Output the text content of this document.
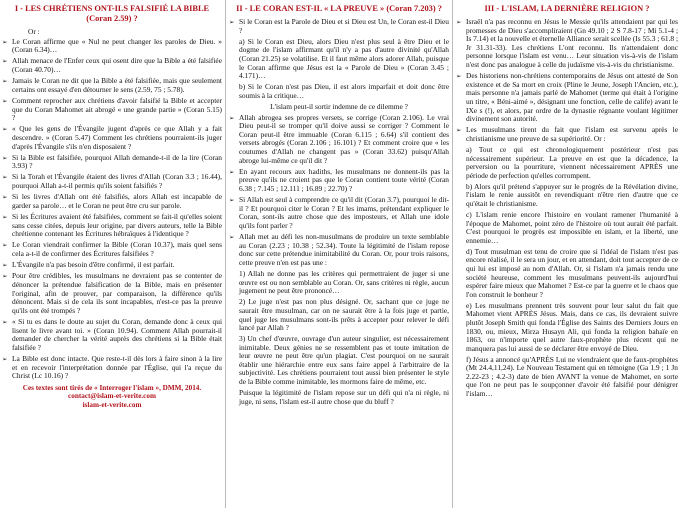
I - LES CHRÉTIENS ONT-ILS FALSIFIÉ LA BIBLE (Coran 2.59) ?
Or :
➢ Le Coran affirme que « Nul ne peut changer les paroles de Dieu. » (Coran 6.34)…
➢ Allah menace de l'Enfer ceux qui osent dire que la Bible a été falsifiée (Coran 40.70)…
➢ Jamais le Coran ne dit que la Bible a été falsifiée, mais que seulement certains ont essayé d'en détourner le sens (2.59, 75 ; 5.78).
➢ Comment reprocher aux chrétiens d'avoir falsifié la Bible et accepter que du Coran Mahomet ait abrogé « une grande partie » (Coran 5.15) ?
➢ « Que les gens de l'Évangile jugent d'après ce que Allah y a fait descendre. » (Coran 5.47) Comment les chrétiens pourraient-ils juger d'après l'Évangile s'ils n'en disposaient ?
➢ Si la Bible est falsifiée, pourquoi Allah demande-t-il de la lire (Coran 3.93) ?
➢ Si la Torah et l'Évangile étaient des livres d'Allah (Coran 3.3 ; 16.44), pourquoi Allah a-t-il permis qu'ils soient falsifiés ?
➢ Si les livres d'Allah ont été falsifiés, alors Allah est incapable de garder sa parole… et le Coran ne peut être cru sur parole.
➢ Si les Écritures avaient été falsifiées, comment se fait-il qu'elles soient sans cesse citées, depuis leur origine, par divers auteurs, telle la Bible chrétienne contenant les Écritures hébraïques à l'identique ?
➢ Le Coran viendrait confirmer la Bible (Coran 10.37), mais quel sens cela a-t-il de confirmer des Écritures falsifiées ?
➢ L'Évangile n'a pas besoin d'être confirmé, il est parfait.
➢ Pour être crédibles, les musulmans ne devraient pas se contenter de dénoncer la prétendue falsification de la Bible, mais en présenter l'original, afin de prouver, par comparaison, la différence qu'ils dénoncent. Mais si de cela ils sont incapables, n'est-ce pas la preuve qu'ils ont été trompés ?
➢ « Si tu es dans le doute au sujet du Coran, demande donc à ceux qui lisent le livre avant toi. » (Coran 10.94). Comment Allah pourrait-il demander de chercher la vérité auprès des chrétiens si la Bible était falsifiée ?
➢ La Bible est donc intacte. Que reste-t-il dès lors à faire sinon à la lire et en recevoir l'interprétation donnée par l'Église, qui l'a reçue du Christ (Lc 10.16) ?
Ces textes sont tirés de « Interroger l'islam », DMM, 2014.
contact@islam-et-verite.com
islam-et-verite.com
II - LE CORAN EST-IL « LA PREUVE » (Coran 7.203) ?
➢ Si le Coran est la Parole de Dieu et si Dieu est Un, le Coran est-il Dieu ?
a) Si le Coran est Dieu, alors Dieu n'est plus seul à être Dieu et le dogme de l'islam affirmant qu'il n'y a pas d'autre divinité qu'Allah (Coran 21.25) se volatilise. Et il faut même alors adorer Allah, puisque le Coran affirme que Jésus est la « Parole de Dieu » (Coran 3.45 ; 4.171)…
b) Si le Coran n'est pas Dieu, il est alors imparfait et doit donc être soumis à la critique…
L'islam peut-il sortir indemne de ce dilemme ?
➢ Allah abrogea ses propres versets, se corrige (Coran 2.106). Le vrai Dieu peut-il se tromper qu'il doive aussi se corriger ? Comment le Coran peut-il être immuable (Coran 6.115 ; 6.64) s'il contient des versets abrogés (Coran 2.106 ; 16.101) ? Et comment croire que « les coutumes d'Allah ne changent pas » (Coran 33.62) puisqu'Allah abroge lui-même ce qu'il dit ?
➢ En ayant recours aux hadiths, les musulmans ne donnent-ils pas la preuve qu'ils ne croient pas que le Coran contient toute vérité (Coran 6.38 ; 7.145 ; 12.111 ; 16.89 ; 22.70) ?
➢ Si Allah est seul à comprendre ce qu'il dit (Coran 3.7), pourquoi le dit-il ? Et pourquoi citer le Coran ? Et les imams, prétendant expliquer le Coran, sont-ils autre chose que des imposteurs, et Allah une idole qu'ils font parler ?
➢ Allah met au défi les non-musulmans de produire un texte semblable au Coran (2.23 ; 10.38 ; 52.34). Toute la légitimité de l'islam repose donc sur cette prétendue inimitabilité du Coran. Or, pour trois raisons, cette preuve n'en est pas une :
1) Allah ne donne pas les critères qui permettraient de juger si une œuvre est ou non semblable au Coran. Or, sans critères ni règle, aucun jugement ne peut être prononcé…
2) Le juge n'est pas non plus désigné. Or, sachant que ce juge ne saurait être musulman, car on ne saurait être à la fois juge et partie, quel juge les musulmans sont-ils prêts à accepter pour relever le défi lancé par Allah ?
3) Un chef d'œuvre, ouvrage d'un auteur singulier, est nécessairement inimitable. Deux génies ne se ressemblent pas et toute imitation de leur œuvre ne peut être qu'un plagiat. C'est pourquoi on ne saurait établir une hiérarchie entre eux sans faire appel à l'arbitraire de la subjectivité. Les chrétiens pourraient tout aussi bien présenter le style de la Bible comme inimitable, les mormons faire de même, etc.
Puisque la légitimité de l'islam repose sur un défi qui n'a ni règle, ni juge, ni sens, l'islam est-il autre chose que du bluff ?
III - L'ISLAM, LA DERNIÈRE RELIGION ?
➢ Israël n'a pas reconnu en Jésus le Messie qu'ils attendaient par qui les promesses de Dieu s'accompliraient (Gn 49.10 ; 2 S 7.8-17 ; Mi 5.1-4 ; Is 7.14) et la nouvelle et éternelle Alliance serait scellée (Is 55.3 ; 61.8 ; Jr 31.31-33). Les chrétiens L'ont reconnu. Ils n'attendaient donc personne lorsque l'islam est venu… Leur situation vis-à-vis de l'islam n'est donc pas analogue à celle du judaïsme vis-à-vis du christianisme.
➢ Des historiens non-chrétiens contemporains de Jésus ont attesté de Son existence et de Sa mort en croix (Pline le Jeune, Joseph l'Ancien, etc.), mais personne n'a jamais parlé de Mahomet (terme qui était à l'origine un titre, « Béni-aimé », désignant une fonction, celle de calife) avant le IXe s (!), et alors, par ordre de la dynastie régnante voulant légitimer divinement son autorité.
➢ Les musulmans tirent du fait que l'islam est survenu après le christianisme une preuve de sa supériorité. Or :
a) Tout ce qui est chronologiquement postérieur n'est pas nécessairement supérieur. La preuve en est que la décadence, la perversion ou la pourriture, viennent nécessairement APRÈS une période de perfection qu'elles corrompent.
b) Alors qu'il prétend s'appuyer sur le progrès de la Révélation divine, l'islam le renie aussitôt en revendiquant n'être rien d'autre que ce qu'était le christianisme.
c) L'islam renie encore l'histoire en voulant ramener l'humanité à l'époque de Mahomet, point zéro de l'histoire où tout aurait été parfait. C'est pourquoi le progrès est impossible en islam, et la liberté, une ennemie…
d) Tout musulman est tenu de croire que si l'idéal de l'islam n'est pas encore réalisé, il le sera un jour, et en attendant, doit tout accepter de ce qui lui est imposé au nom d'Allah. Or, si l'islam n'a jamais rendu une société heureuse, comment les musulmans peuvent-ils aujourd'hui espérer faire mieux que Mahomet ? Est-ce par la guerre et le chaos que l'on construit le bonheur ?
e) Les musulmans prennent très souvent pour leur salut du fait que Mahomet vient APRÈS Jésus. Mais, dans ce cas, ils devraient suivre plutôt Joseph Smith qui fonda l'Église des Saints des Derniers Jours en 1830, ou, mieux, Mirza Husayn Ali, qui fonda la religion bahaïe en 1863, ou n'importe quel autre faux-prophète plus récent qui ne manquera pas lui aussi de se déclarer être envoyé de Dieu.
f) Jésus a annoncé qu'APRÈS Lui ne viendraient que de faux-prophètes (Mt 24.4,11,24). Le Nouveau Testament qui en témoigne (Ga 1.9 ; 1 Jn 2.22-23 ; 4.2-3) date de bien AVANT la venue de Mahomet, en sorte que l'on ne peut pas le soupçonner d'avoir été falsifié pour dénigrer l'islam…
